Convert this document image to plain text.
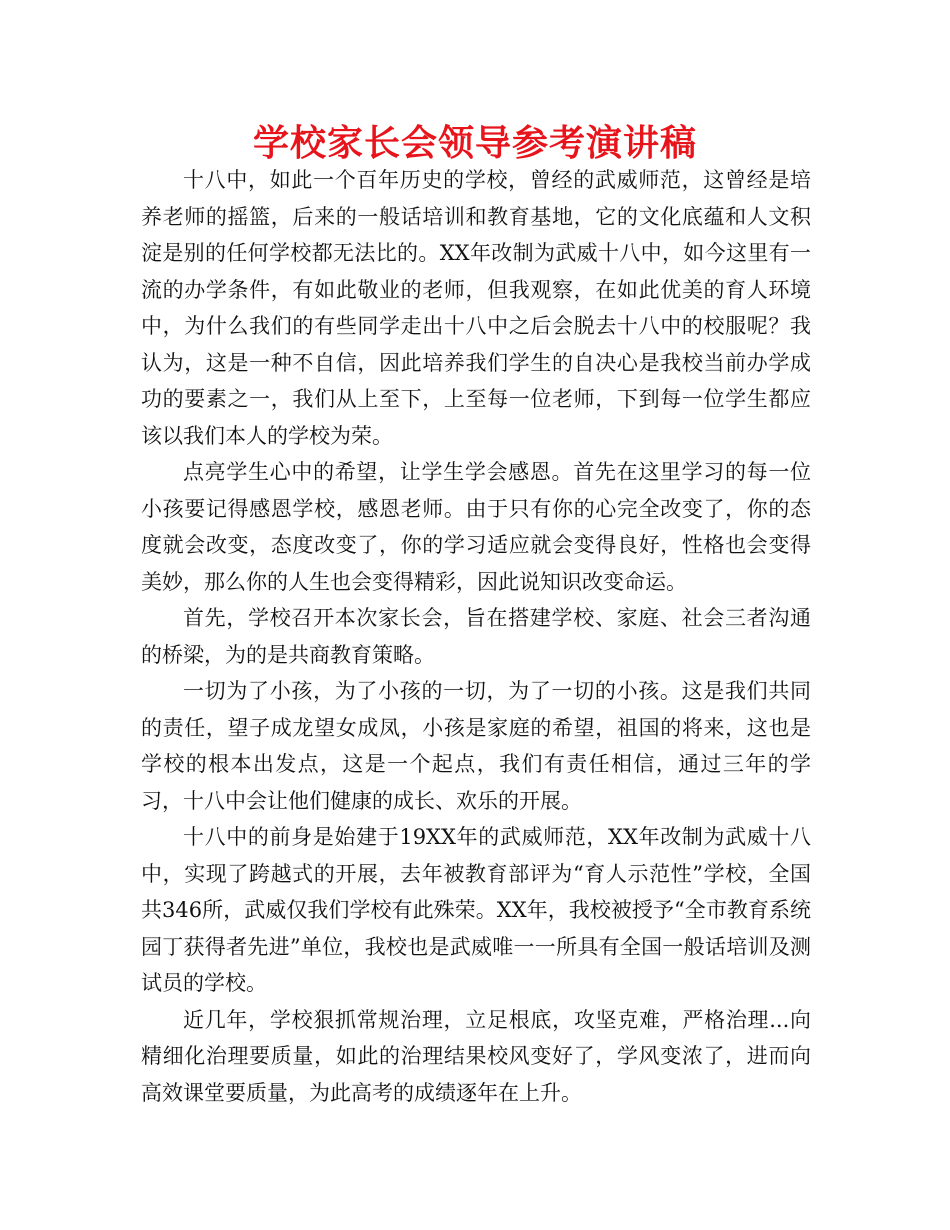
学校家长会领导参考演讲稿

十八中，如此一个百年历史的学校，曾经的武威师范，这曾经是培养老师的摇篮，后来的一般话培训和教育基地，它的文化底蕴和人文积淀是别的任何学校都无法比的。XX年改制为武威十八中，如今这里有一流的办学条件，有如此敬业的老师，但我观察，在如此优美的育人环境中，为什么我们的有些同学走出十八中之后会脱去十八中的校服呢？我认为，这是一种不自信，因此培养我们学生的自决心是我校当前办学成功的要素之一，我们从上至下，上至每一位老师，下到每一位学生都应该以我们本人的学校为荣。

点亮学生心中的希望，让学生学会感恩。首先在这里学习的每一位小孩要记得感恩学校，感恩老师。由于只有你的心完全改变了，你的态度就会改变，态度改变了，你的学习适应就会变得良好，性格也会变得美妙，那么你的人生也会变得精彩，因此说知识改变命运。

首先，学校召开本次家长会，旨在搭建学校、家庭、社会三者沟通的桥梁，为的是共商教育策略。

一切为了小孩，为了小孩的一切，为了一切的小孩。这是我们共同的责任，望子成龙望女成凤，小孩是家庭的希望，祖国的将来，这也是学校的根本出发点，这是一个起点，我们有责任相信，通过三年的学习，十八中会让他们健康的成长、欢乐的开展。

十八中的前身是始建于19XX年的武威师范，XX年改制为武威十八中，实现了跨越式的开展，去年被教育部评为“育人示范性”学校，全国共346所，武威仅我们学校有此殊荣。XX年，我校被授予“全市教育系统园丁获得者先进”单位，我校也是武威唯一一所具有全国一般话培训及测试员的学校。

近几年，学校狠抓常规治理，立足根底，攻坚克难，严格治理...向精细化治理要质量，如此的治理结果校风变好了，学风变浓了，进而向高效课堂要质量，为此高考的成绩逐年在上升。
